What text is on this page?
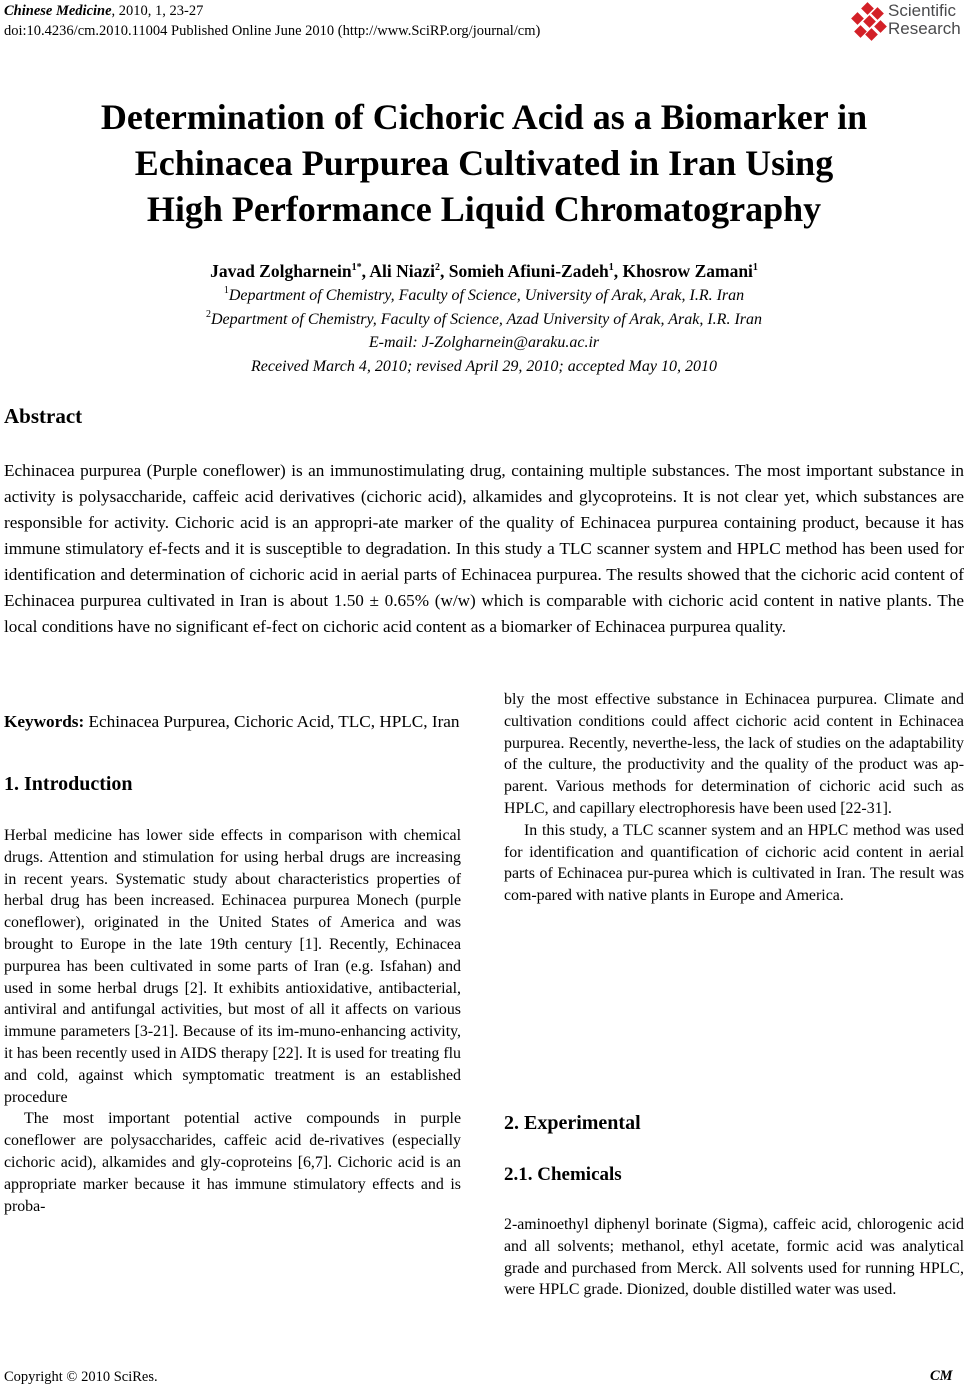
Chinese Medicine, 2010, 1, 23-27
doi:10.4236/cm.2010.11004 Published Online June 2010 (http://www.SciRP.org/journal/cm)
Scientific
Research
Determination of Cichoric Acid as a Biomarker in
Echinacea Purpurea Cultivated in Iran Using
High Performance Liquid Chromatography
Javad Zolgharnein$^{1*}$, Ali Niazi$^2$, Somieh Afiuni-Zadeh$^1$, Khosrow Zamani$^1$
$^1$Department of Chemistry, Faculty of Science, University of Arak, Arak, I.R. Iran
$^2$Department of Chemistry, Faculty of Science, Azad University of Arak, Arak, I.R. Iran
E-mail: J-Zolgharnein@araku.ac.ir
Received March 4, 2010; revised April 29, 2010; accepted May 10, 2010
Abstract
Echinacea purpurea (Purple coneflower) is an immunostimulating drug, containing multiple substances. The most important substance in activity is polysaccharide, caffeic acid derivatives (cichoric acid), alkamides and glycoproteins. It is not clear yet, which substances are responsible for activity. Cichoric acid is an appropri-ate marker of the quality of Echinacea purpurea containing product, because it has immune stimulatory ef-fects and it is susceptible to degradation. In this study a TLC scanner system and HPLC method has been used for identification and determination of cichoric acid in aerial parts of Echinacea purpurea. The results showed that the cichoric acid content of Echinacea purpurea cultivated in Iran is about 1.50 ± 0.65% (w/w) which is comparable with cichoric acid content in native plants. The local conditions have no significant ef-fect on cichoric acid content as a biomarker of Echinacea purpurea quality.
Keywords: Echinacea Purpurea, Cichoric Acid, TLC, HPLC, Iran
1. Introduction

Herbal medicine has lower side effects in comparison with chemical drugs. Attention and stimulation for using herbal drugs are increasing in recent years. Systematic study about characteristics properties of herbal drug has been increased. Echinacea purpurea Monech (purple coneflower), originated in the United States of America and was brought to Europe in the late 19th century [1]. Recently, Echinacea purpurea has been cultivated in some parts of Iran (e.g. Isfahan) and used in some herbal drugs [2]. It exhibits antioxidative, antibacterial, antiviral and antifungal activities, but most of all it affects on various immune parameters [3-21]. Because of its im-muno-enhancing activity, it has been recently used in AIDS therapy [22]. It is used for treating flu and cold, against which symptomatic treatment is an established procedure

The most important potential active compounds in purple coneflower are polysaccharides, caffeic acid de-rivatives (especially cichoric acid), alkamides and gly-coproteins [6,7]. Cichoric acid is an appropriate marker because it has immune stimulatory effects and is proba-

bly the most effective substance in Echinacea purpurea. Climate and cultivation conditions could affect cichoric acid content in Echinacea purpurea. Recently, neverthe-less, the lack of studies on the adaptability of the culture, the productivity and the quality of the product was ap-parent. Various methods for determination of cichoric acid such as HPLC, and capillary electrophoresis have been used [22-31].

In this study, a TLC scanner system and an HPLC method was used for identification and quantification of cichoric acid content in aerial parts of Echinacea pur-purea which is cultivated in Iran. The result was com-pared with native plants in Europe and America.

2. Experimental
2.1. Chemicals

2-aminoethyl diphenyl borinate (Sigma), caffeic acid, chlorogenic acid and all solvents; methanol, ethyl acetate, formic acid was analytical grade and purchased from Merck. All solvents used for running HPLC, were HPLC grade. Dionized, double distilled water was used.

Copyright © 2010 SciRes.	CM
